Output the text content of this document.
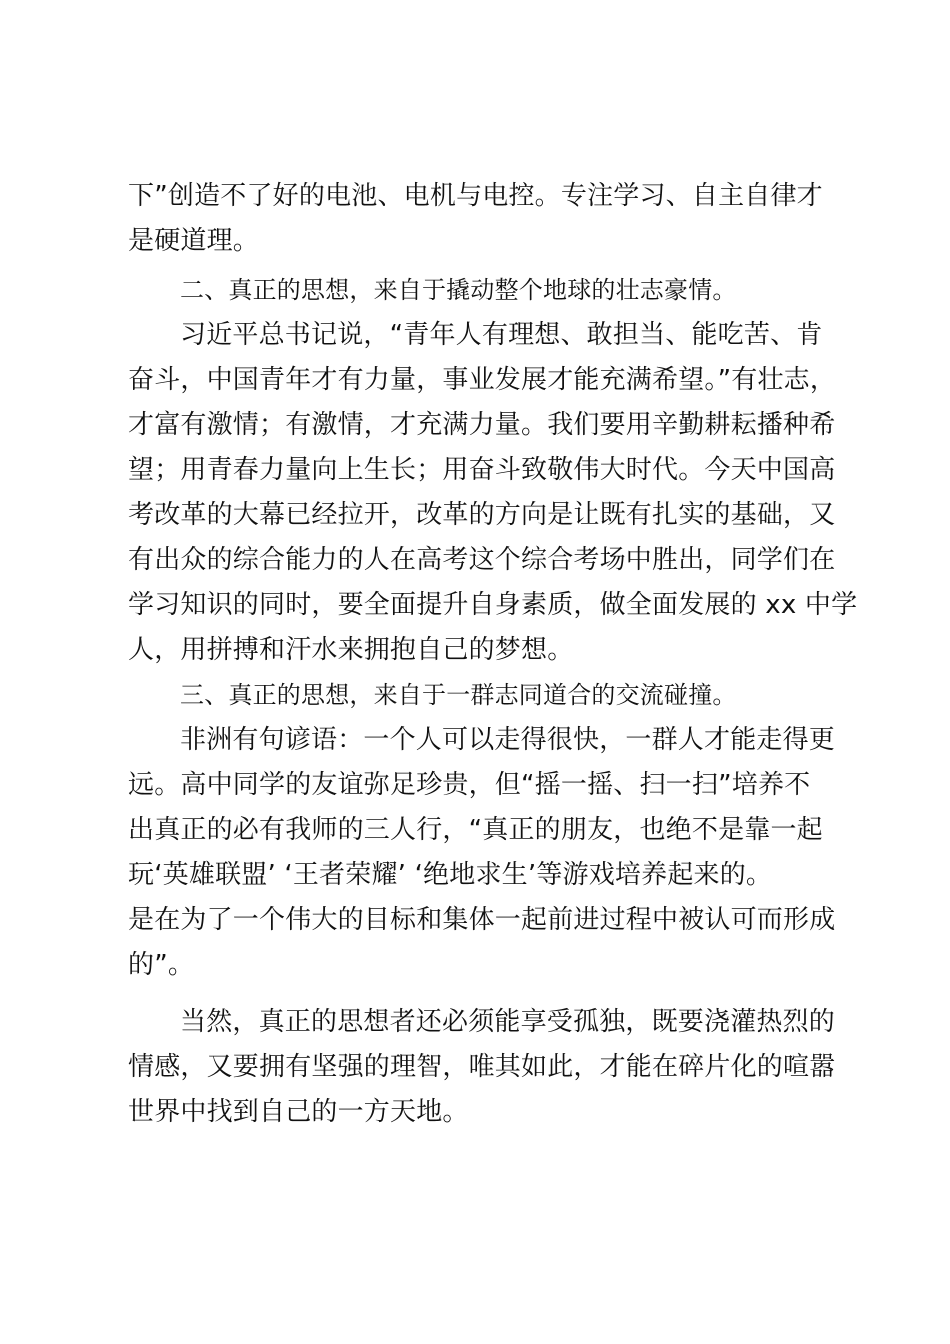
下”创造不了好的电池、电机与电控。专注学习、自主自律才
是硬道理。
二、真正的思想，来自于撬动整个地球的壮志豪情。
习近平总书记说，“青年人有理想、敢担当、能吃苦、肯
奋斗，中国青年才有力量，事业发展才能充满希望。”有壮志，
才富有激情；有激情，才充满力量。我们要用辛勤耕耘播种希
望；用青春力量向上生长；用奋斗致敬伟大时代。今天中国高
考改革的大幕已经拉开，改革的方向是让既有扎实的基础，又
有出众的综合能力的人在高考这个综合考场中胜出，同学们在
学习知识的同时，要全面提升自身素质，做全面发展的 xx 中学
人，用拼搏和汗水来拥抱自己的梦想。
三、真正的思想，来自于一群志同道合的交流碰撞。
非洲有句谚语：一个人可以走得很快，一群人才能走得更
远。高中同学的友谊弥足珍贵，但“摇一摇、扫一扫”培养不
出真正的必有我师的三人行，“真正的朋友，也绝不是靠一起
玩‘英雄联盟’ ‘王者荣耀’ ‘绝地求生’等游戏培养起来的。
是在为了一个伟大的目标和集体一起前进过程中被认可而形成
的”。
当然，真正的思想者还必须能享受孤独，既要浇灌热烈的
情感，又要拥有坚强的理智，唯其如此，才能在碎片化的喧嚣
世界中找到自己的一方天地。
